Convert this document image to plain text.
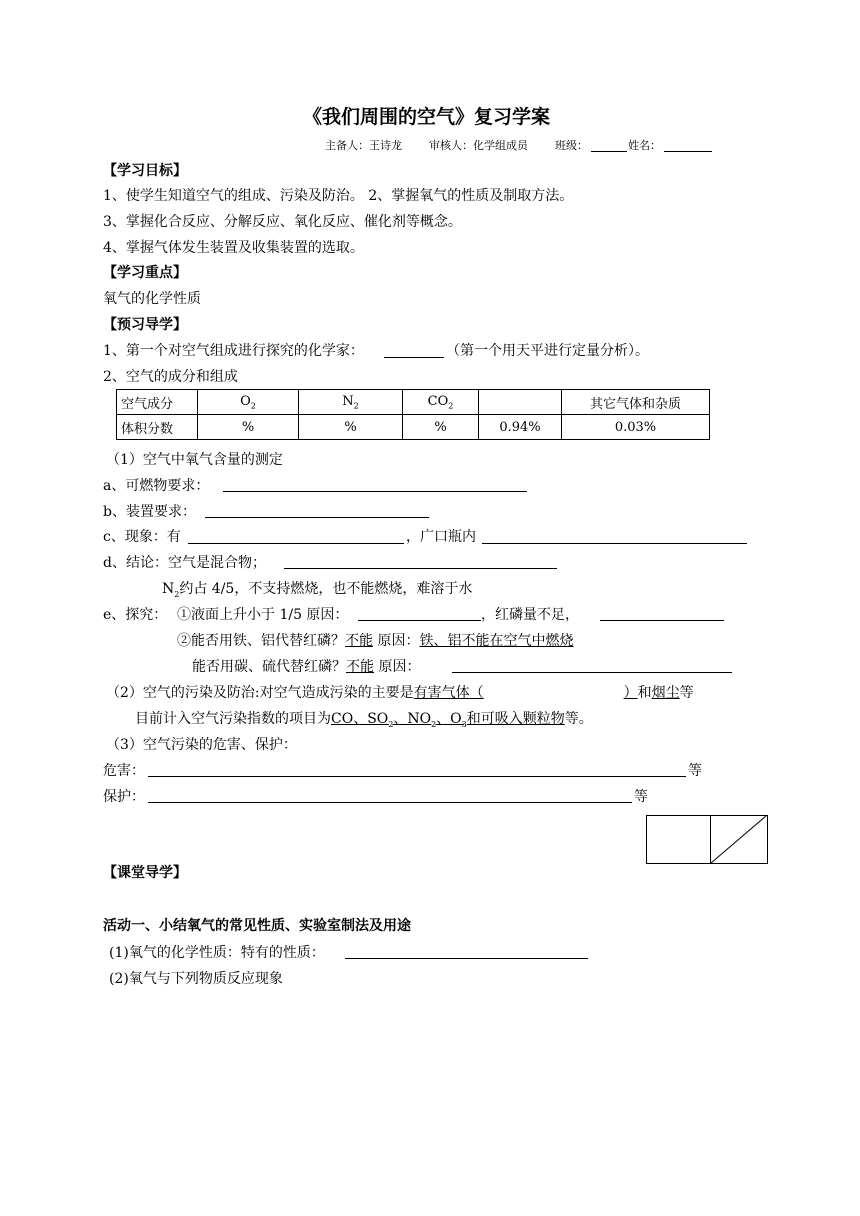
《我们周围的空气》复习学案
主备人：王诗龙 审核人：化学组成员 班级：	姓名：
【学习目标】
1、使学生知道空气的组成、污染及防治。 2、掌握氧气的性质及制取方法。
3、掌握化合反应、分解反应、氧化反应、催化剂等概念。
4、掌握气体发生装置及收集装置的选取。
【学习重点】
氧气的化学性质
【预习导学】
1、第一个对空气组成进行探究的化学家：	（第一个用天平进行定量分析）。
2、空气的成分和组成
空气成分	$O_2$	$N_2$	$CO_2$		其它气体和杂质
体积分数	%	%	%	0.94%	0.03%
（1）空气中氧气含量的测定
a、可燃物要求：
b、装置要求：
c、现象：有	，广口瓶内
d、结论：空气是混合物；
$N_2$约占 4/5，不支持燃烧，也不能燃烧，难溶于水
e、探究： ①液面上升小于 1/5 原因：	，红磷量不足，
②能否用铁、铝代替红磷？不能 原因：铁、铝不能在空气中燃烧
能否用碳、硫代替红磷？不能 原因：
（2）空气的污染及防治:对空气造成污染的主要是有害气体（	）和烟尘等
目前计入空气污染指数的项目为CO、$SO_2$、$NO_2$、$O_3$和可吸入颗粒物等。
（3）空气污染的危害、保护：
危害：	等
保护：	等
【课堂导学】
活动一、小结氧气的常见性质、实验室制法及用途
(1)氧气的化学性质：特有的性质：
(2)氧气与下列物质反应现象
